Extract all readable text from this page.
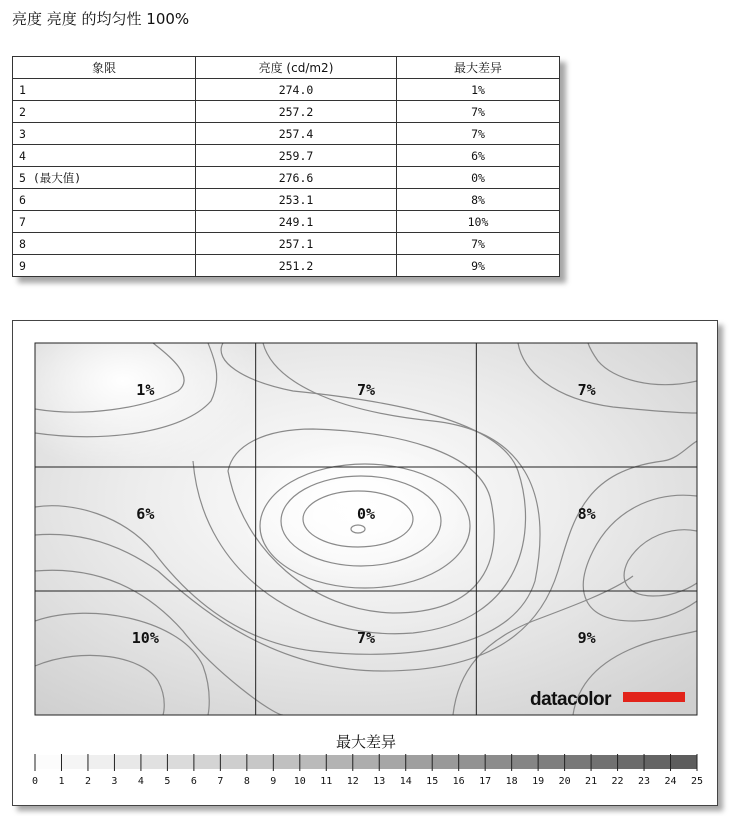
亮度 亮度 的均匀性 100%
象限	亮度 (cd/m2)	最大差异
1	274.0	1%
2	257.2	7%
3	257.4	7%
4	259.7	6%
5 (最大值)	276.6	0%
6	253.1	8%
7	249.1	10%
8	257.1	7%
9	251.2	9%
1%	7%	7%
6%	0%	8%
10%	7%	9%
datacolor
最大差异
0 1 2 3 4 5 6 7 8 9 10 11 12 13 14 15 16 17 18 19 20 21 22 23 24 25
